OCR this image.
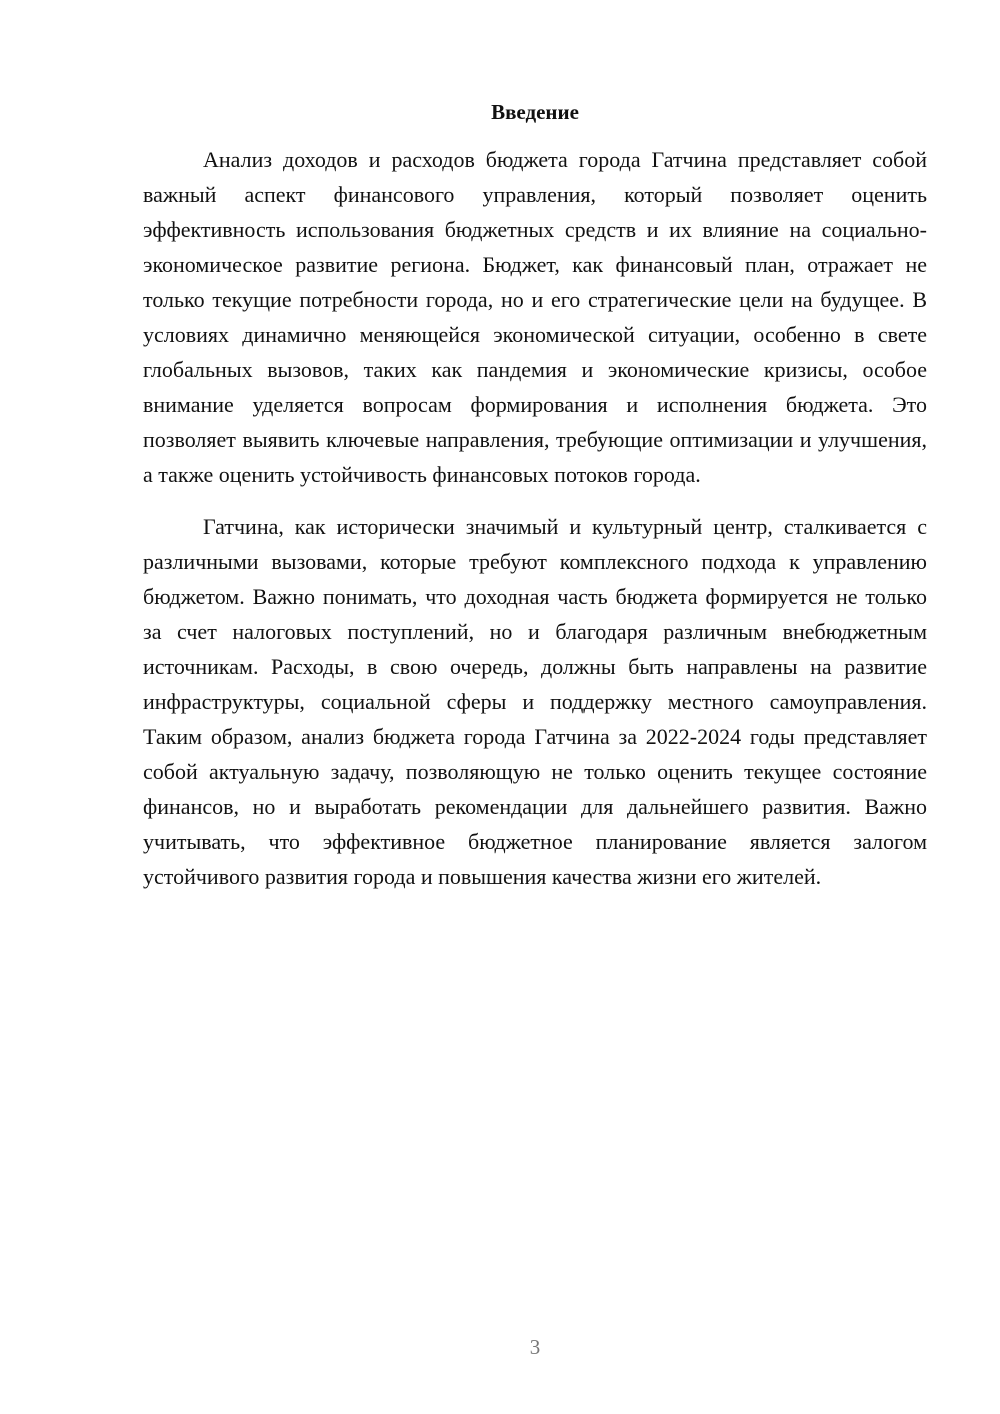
Введение

Анализ доходов и расходов бюджета города Гатчина представляет собой важный аспект финансового управления, который позволяет оценить эффективность использования бюджетных средств и их влияние на социально-экономическое развитие региона. Бюджет, как финансовый план, отражает не только текущие потребности города, но и его стратегические цели на будущее. В условиях динамично меняющейся экономической ситуации, особенно в свете глобальных вызовов, таких как пандемия и экономические кризисы, особое внимание уделяется вопросам формирования и исполнения бюджета. Это позволяет выявить ключевые направления, требующие оптимизации и улучшения, а также оценить устойчивость финансовых потоков города.

Гатчина, как исторически значимый и культурный центр, сталкивается с различными вызовами, которые требуют комплексного подхода к управлению бюджетом. Важно понимать, что доходная часть бюджета формируется не только за счет налоговых поступлений, но и благодаря различным внебюджетным источникам. Расходы, в свою очередь, должны быть направлены на развитие инфраструктуры, социальной сферы и поддержку местного самоуправления. Таким образом, анализ бюджета города Гатчина за 2022-2024 годы представляет собой актуальную задачу, позволяющую не только оценить текущее состояние финансов, но и выработать рекомендации для дальнейшего развития. Важно учитывать, что эффективное бюджетное планирование является залогом устойчивого развития города и повышения качества жизни его жителей.

3
